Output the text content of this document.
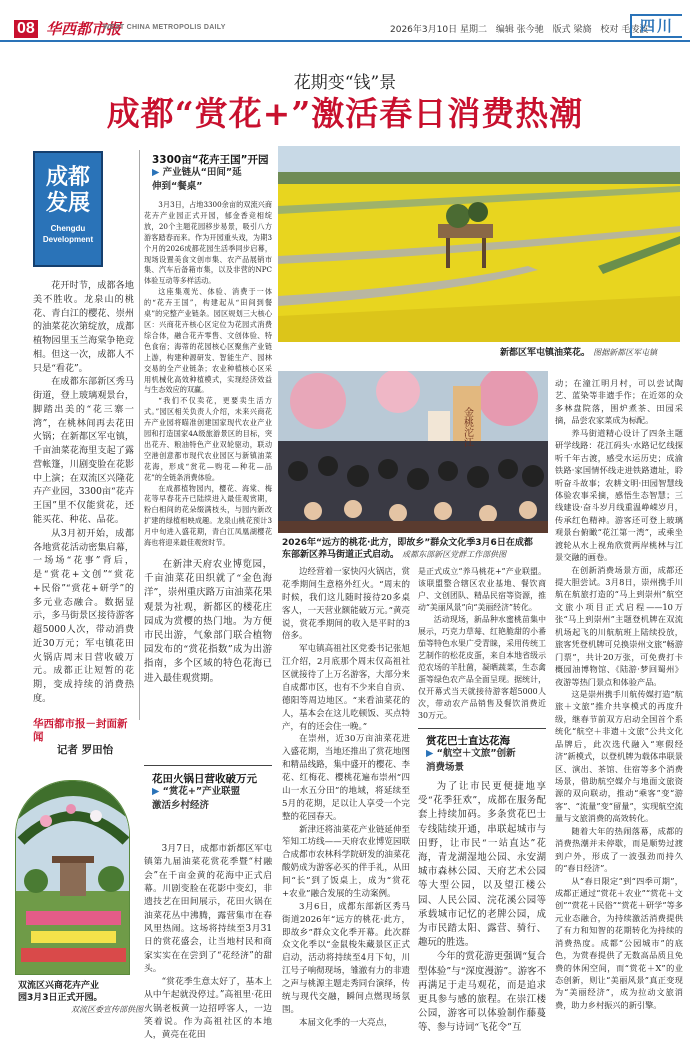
08 华西都市报
WEST CHINA METROPOLIS DAILY	2026年3月10日 星期二 编辑 张今驰 版式 梁旖 校对 毛凌波
四川
花期变“钱”景
成都“赏花+”激活春日消费热潮
成都
发展
Chengdu
Development

花开时节，成都各地美不胜收。龙泉山的桃花、青白江的樱花、崇州的油菜花次第绽放，成都植物园里玉兰海棠争艳竞相。但这一次，成都人不只是“看花”。

在成都东部新区秀马街道，登上玻璃观景台，脚踏出美的“花三寨一湾”，在桃林间再去花田火锅；在新都区军屯镇，千亩油菜花海里支起了露营帐篷，川剧变脸在花影中上演；在双流区兴隆花卉产业园，3300亩“花卉王国”里不仅能赏花，还能买花、种花、品花。

从3月初开始，成都各地赏花活动密集启幕，一场场“花事”背后，是“赏花+文创”“赏花+民俗”“赏花+研学”的多元业态融合。数据显示，多马街景区接待游客超5000人次，带动消费近30万元；军屯镇花田火锅店周末日营收破万元。成都正让短暂的花期，变成持续的消费热度。

华西都市报－封面新闻
记者 罗田怡
双流区兴商花卉产业
园3月3日正式开园。
双流区委宣传部供图
3300亩“花卉王国”开园
▶ 产业链从“田间”延
伸到“餐桌”

3月3日，占地3300余亩的双流兴商花卉产业园正式开园，郁金香竞相绽放，20个主题花园移步易景，吸引八方游客踏春而来。作为开园重头戏，为期3个月的2026成都花园生活季同步启幕，现场设置美食文创市集、农产品展销市集、汽车后备箱市集，以及非营的NPC体验互动等多样活动。

这座集观光、体验、消费于一体的“花卉王国”，构建起从“田间到餐桌”的完整产业链条。园区规划三大核心区：兴商花卉核心区定位为花园式消费综合体，融合花卉零售、文创体验、特色食宿；海蒂的花园核心区聚焦产业链上游，构建种源研发、智能生产、园林交易的全产业链条；农业种植核心区采用机械化高效种植模式，实现经济效益与生态效应的双赢。

“我们不仅卖花，更要卖生活方式。”园区相关负责人介绍，未来兴商花卉产业园将瞄准创建国家现代农业产业园和打造国家4A级旅游景区的目标，突出花卉、粮油特色产业双轮驱动，联动空港创意都市现代农业园区与新镇油菜花海，形成“赏花—购花—种花—品花”的全链条消费体验。

在成都植物园内，樱花、海棠、梅花等早春花卉已陆续进入最佳观赏期，粉白相间的花朵缀满枝头，与园内新改扩建的绿植相映成趣。龙泉山桃花预计3月中旬进入盛花期，青白江凤凰湖樱花海也将迎来最佳观赏时节。

在新津天府农业博览园，千亩油菜花田织就了“金色海洋”，崇州重庆路万亩油菜花果观景为社观，新都区的楼花庄园成为赏樱的热门地。为方便市民出游，气象部门联合植物园发布的“赏花指数”成为出游指南，多个区域的特色花海已进入最佳观赏期。

花田火锅日营收破万元
▶ “赏花+”产业联盟
激活乡村经济

3月7日，成都市新都区军屯镇第九届油菜花赏花季暨“村融会”在千亩金黄的花海中正式启幕。川剧变脸在花影中变幻，非遗技艺在田间展示，花田火锅在油菜花丛中沸腾，露营集市在春风里热闹。这场将持续至3月31日的赏花盛会，让当地村民和商家实实在在尝到了“花经济”的甜头。

“赏花季生意太好了，基本上从中午起就没停过。”高祖里·花田火锅老板黄一边招呼客人，一边笑着说。作为高祖社区的本地人，黄亮在花田

新都区军屯镇油菜花。 图据新都区军屯镇
金桃沱江
2026年“远方的桃花·此方，即故乡”群众文化季3月6日在成都
东部新区养马街道正式启动。 成都东部新区党群工作部供图

边经营着一家快闪火锅店，赏花季期间生意格外红火。“周末的时候，我们这儿随时接待20多桌客人，一天营业额能破万元。”黄亮说，赏花季期间的收入是平时的3倍多。

军屯镇高祖社区党委书记张旭江介绍，2月底那个周末仅高祖社区就接待了上万名游客，大部分来自成都市区，也有不少来自自贡、德阳等周边地区。“来看油菜花的人，基本会在这儿吃顿饭、买点特产，有的还会住一晚。”

在崇州，近30万亩油菜花进入盛花期，当地还推出了赏花地图和精品线路，集中盛开的樱花、李花、红梅花、樱桃花遍布崇州“四山一水五分田”的地域，将延续至5月的花期，足以让人享受一个完整的花园春天。

新津还将油菜花产业链延伸至笮知工坊线——天府农业博览园联合成都市农林科学院研发的油菜花酸奶成为游客必买的伴手礼，从田间“长”到了饭桌上，成为“赏花+农业”融合发展的生动案例。

3月6日，成都东部新区秀马街道2026年“远方的桃花·此方，即故乡”群众文化季开幕。此次群众文化季以“金鼠梭朱藏景区正式启动，活动将持续至4月下旬，川江号子响彻现场，雏澈有力的非遗之声与桃源主题走秀同台演绎，传统与现代交融，瞬间点燃现场氛围。

本届文化季的一大亮点，

是正式成立“养马桃花+”产业联盟。该联盟整合辖区农业基地、餐饮商户、文创团队、精品民宿等资源，推动“美丽风景”向“美丽经济”转化。

活动现场，新品种水蜜桃苗集中展示，巧克力草莓、红艳脆甜的小番茄等特色水果广受青睐，采用传统工艺制作的松花皮蛋，来自本地省级示范农场的羊肚菌，凝晒蔬菜，生态禽蛋等绿色农产品全面呈现。据统计，仅开幕式当天就接待游客超5000人次，带动农产品销售及餐饮消费近30万元。

赏花巴士直达花海
▶ “航空＋文旅”创新
消费场景

为了让市民更便捷地享受“花季狂欢”，成都在服务配套上持续加码。多条赏花巴士专线陆续开通，串联起城市与田野，让市民“一站直达”花海，青龙湖湿地公园、永安湖城市森林公园、天府艺术公园等大型公园，以及望江楼公园、人民公园、浣花溪公园等承载城市记忆的老牌公园，成为市民踏太阳、露营、骑行、趣玩的胜选。

今年的赏花游更强调“复合型体验”与“深度漫游”。游客不再满足于走马观花，而是追求更具参与感的旅程。在崇江楼公园，游客可以体验制作藤蔓等、参与诗词“飞花令”互

动；在潼江明月村，可以尝试陶艺、蓝染等非遗手作；在近郊的众多林盘院落，围炉煮茶、田园采摘，品尝农家菜成为标配。

养马街道精心设计了四条主题研学线路：花江码头·水路记忆线探听千年古渡，感受水运历史；成渝铁路·家国情怀线走进铁路遗址，聆听奋斗故事；农耕文明·田园智慧线体验农事采摘，感悟生态智慧；三线建设·奋斗岁月线重温峥嵘岁月，传承红色精神。游客还可登上玻璃观景台俯瞰“花江第一湾”，或乘坐渡轮从水上视角欣赏两岸桃林与江景交融的画卷。

在创新消费场景方面，成都还提大胆尝试。3月8日，崇州携手川航在航旅打造的“马上到崇州”航空文旅小项目正式启程——10万张“马上到崇州”主题登机牌在双流机场起飞的川航航班上陆续投放，旅客凭登机牌可兑换崇州文旅“畅游门票”，共计20万张，可免费打卡概园油博物馆、《陆游·梦回蜀州》夜游等热门景点和体验产品。

这是崇州携手川航传媒打造“航旅＋文旅”推介共享模式的再度升级，继春节前双方启动全国首个系统化“航空＋非遗＋文旅”公共文化品牌后，此次选代融入“寒假经济”新模式，以登机牌为载体串联景区、演出、茶馆、住宿等多个消费场景，借助航空媒介与地面文旅资源的双向联动，推动“乘客”变“游客”、“流量”变“留量”，实现航空流量与文旅消费的高效转化。

随着大年的热闹落幕，成都的消费热潮并未停歇，而是顺势过渡到户外，形成了一波强劲而持久的“春日经济”。

从“春日限定”到“四季可期”，成都正通过“赏花＋农业”“赏花＋文创”“赏花＋民俗”“赏花＋研学”等多元业态融合，为持续激活消费提供了有力和知智的花期转化为持续的消费热度。成都“公园城市”的底色，为赏春提供了无数高品质且免费的休闲空间，而“赏花＋X”的业态创新，则让“美丽风景”真正变现为“美丽经济”，成为拉动文旅消费，助力乡村振兴的新引擎。
